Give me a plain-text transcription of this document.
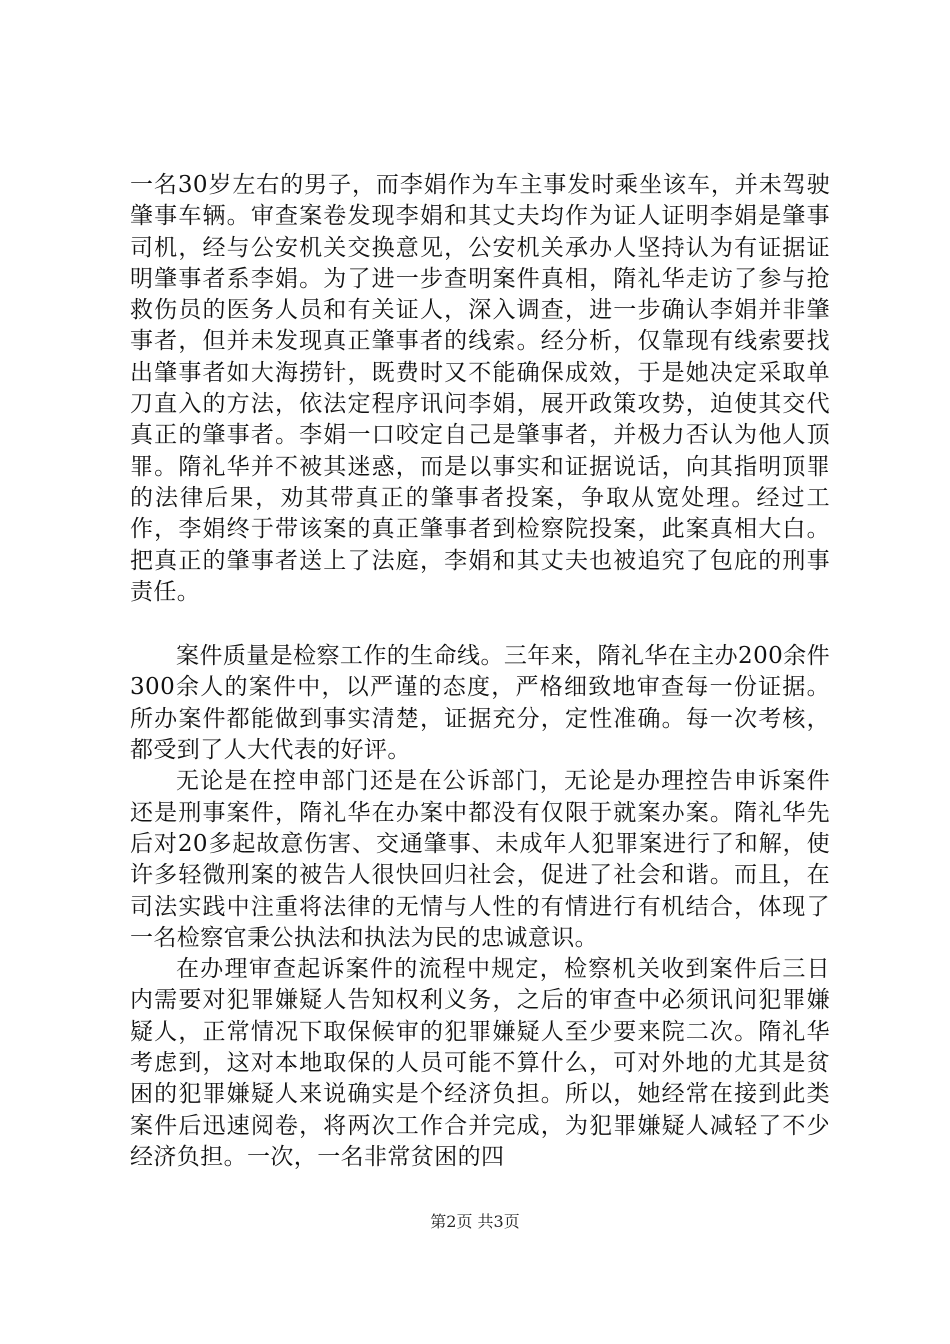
一名30岁左右的男子，而李娟作为车主事发时乘坐该车，并未驾驶肇事车辆。审查案卷发现李娟和其丈夫均作为证人证明李娟是肇事司机，经与公安机关交换意见，公安机关承办人坚持认为有证据证明肇事者系李娟。为了进一步查明案件真相，隋礼华走访了参与抢救伤员的医务人员和有关证人，深入调查，进一步确认李娟并非肇事者，但并未发现真正肇事者的线索。经分析，仅靠现有线索要找出肇事者如大海捞针，既费时又不能确保成效，于是她决定采取单刀直入的方法，依法定程序讯问李娟，展开政策攻势，迫使其交代真正的肇事者。李娟一口咬定自己是肇事者，并极力否认为他人顶罪。隋礼华并不被其迷惑，而是以事实和证据说话，向其指明顶罪的法律后果，劝其带真正的肇事者投案，争取从宽处理。经过工作，李娟终于带该案的真正肇事者到检察院投案，此案真相大白。把真正的肇事者送上了法庭，李娟和其丈夫也被追究了包庇的刑事责任。

案件质量是检察工作的生命线。三年来，隋礼华在主办200余件300余人的案件中，以严谨的态度，严格细致地审查每一份证据。所办案件都能做到事实清楚，证据充分，定性准确。每一次考核，都受到了人大代表的好评。

无论是在控申部门还是在公诉部门，无论是办理控告申诉案件还是刑事案件，隋礼华在办案中都没有仅限于就案办案。隋礼华先后对20多起故意伤害、交通肇事、未成年人犯罪案进行了和解，使许多轻微刑案的被告人很快回归社会，促进了社会和谐。而且，在司法实践中注重将法律的无情与人性的有情进行有机结合，体现了一名检察官秉公执法和执法为民的忠诚意识。

在办理审查起诉案件的流程中规定，检察机关收到案件后三日内需要对犯罪嫌疑人告知权利义务，之后的审查中必须讯问犯罪嫌疑人，正常情况下取保候审的犯罪嫌疑人至少要来院二次。隋礼华考虑到，这对本地取保的人员可能不算什么，可对外地的尤其是贫困的犯罪嫌疑人来说确实是个经济负担。所以，她经常在接到此类案件后迅速阅卷，将两次工作合并完成，为犯罪嫌疑人减轻了不少经济负担。一次，一名非常贫困的四

第2页 共3页
